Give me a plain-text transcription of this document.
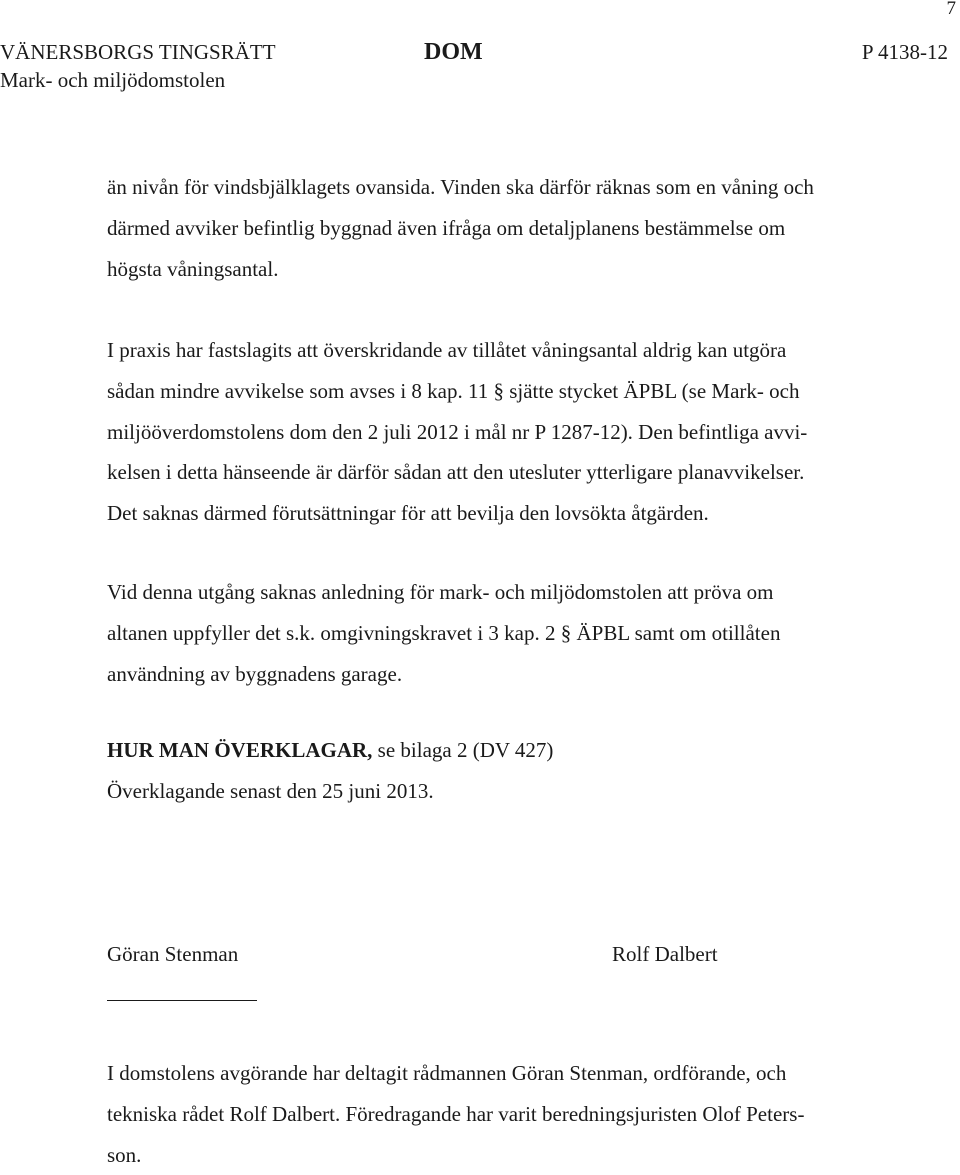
7
VÄNERSBORGS TINGSRÄTT
Mark- och miljödomstolen
DOM	P 4138-12
än nivån för vindsbjälklagets ovansida. Vinden ska därför räknas som en våning och
därmed avviker befintlig byggnad även ifråga om detaljplanens bestämmelse om
högsta våningsantal.
I praxis har fastslagits att överskridande av tillåtet våningsantal aldrig kan utgöra
sådan mindre avvikelse som avses i 8 kap. 11 § sjätte stycket ÄPBL (se Mark- och
miljööverdomstolens dom den 2 juli 2012 i mål nr P 1287-12). Den befintliga avvi-
kelsen i detta hänseende är därför sådan att den utesluter ytterligare planavvikelser.
Det saknas därmed förutsättningar för att bevilja den lovsökta åtgärden.
Vid denna utgång saknas anledning för mark- och miljödomstolen att pröva om
altanen uppfyller det s.k. omgivningskravet i 3 kap. 2 § ÄPBL samt om otillåten
användning av byggnadens garage.
HUR MAN ÖVERKLAGAR, se bilaga 2 (DV 427)
Överklagande senast den 25 juni 2013.
Göran Stenman	Rolf Dalbert
I domstolens avgörande har deltagit rådmannen Göran Stenman, ordförande, och
tekniska rådet Rolf Dalbert. Föredragande har varit beredningsjuristen Olof Peters-
son.
